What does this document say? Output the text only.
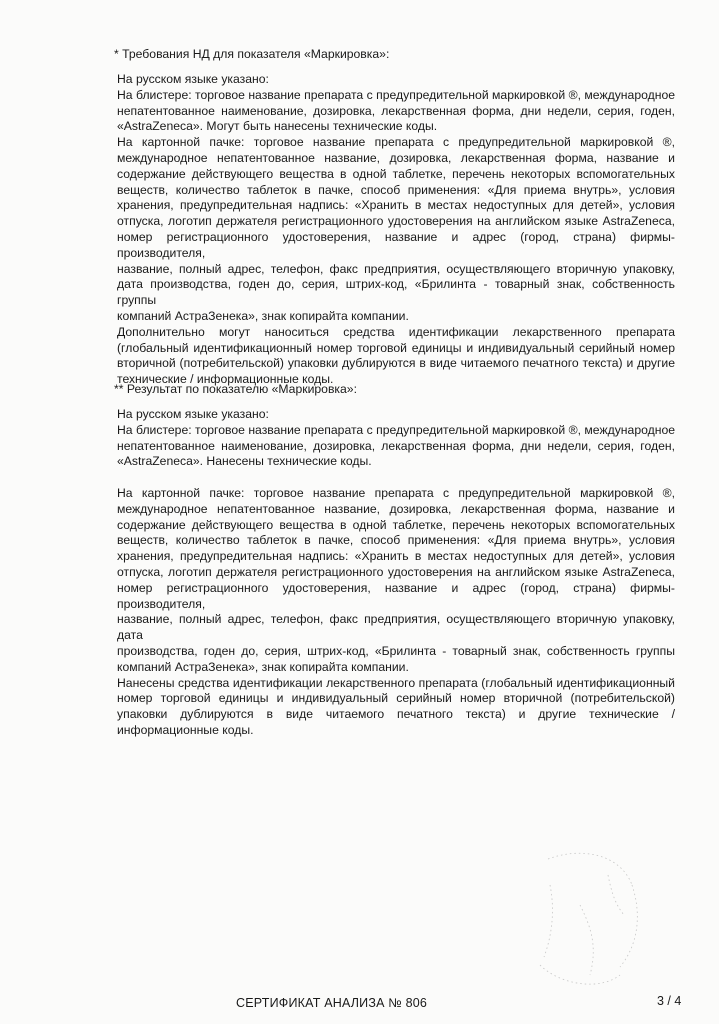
* Требования НД для показателя «Маркировка»:

На русском языке указано:

На блистере: торговое название препарата с предупредительной маркировкой ®, международное
непатентованное наименование, дозировка, лекарственная форма, дни недели, серия, годен,
«AstraZeneca». Могут быть нанесены технические коды.

На картонной пачке: торговое название препарата с предупредительной маркировкой ®,
международное непатентованное название, дозировка, лекарственная форма, название и
содержание действующего вещества в одной таблетке, перечень некоторых вспомогательных
веществ, количество таблеток в пачке, способ применения: «Для приема внутрь», условия
хранения, предупредительная надпись: «Хранить в местах недоступных для детей», условия
отпуска, логотип держателя регистрационного удостоверения на английском языке AstraZeneca,
номер регистрационного удостоверения, название и адрес (город, страна) фирмы-производителя,
название, полный адрес, телефон, факс предприятия, осуществляющего вторичную упаковку,
дата производства, годен до, серия, штрих-код, «Брилинта - товарный знак, собственность группы
компаний АстраЗенека», знак копирайта компании.

Дополнительно могут наноситься средства идентификации лекарственного препарата
(глобальный идентификационный номер торговой единицы и индивидуальный серийный номер
вторичной (потребительской) упаковки дублируются в виде читаемого печатного текста) и другие
технические / информационные коды.

** Результат по показателю «Маркировка»:

На русском языке указано:

На блистере: торговое название препарата с предупредительной маркировкой ®, международное
непатентованное наименование, дозировка, лекарственная форма, дни недели, серия, годен,
«AstraZeneca». Нанесены технические коды.

На картонной пачке: торговое название препарата с предупредительной маркировкой ®,
международное непатентованное название, дозировка, лекарственная форма, название и
содержание действующего вещества в одной таблетке, перечень некоторых вспомогательных
веществ, количество таблеток в пачке, способ применения: «Для приема внутрь», условия
хранения, предупредительная надпись: «Хранить в местах недоступных для детей», условия
отпуска, логотип держателя регистрационного удостоверения на английском языке AstraZeneca,
номер регистрационного удостоверения, название и адрес (город, страна) фирмы-производителя,
название, полный адрес, телефон, факс предприятия, осуществляющего вторичную упаковку, дата
производства, годен до, серия, штрих-код, «Брилинта - товарный знак, собственность группы
компаний АстраЗенека», знак копирайта компании.

Нанесены средства идентификации лекарственного препарата (глобальный идентификационный
номер торговой единицы и индивидуальный серийный номер вторичной (потребительской)
упаковки дублируются в виде читаемого печатного текста) и другие технические /
информационные коды.

СЕРТИФИКАТ АНАЛИЗА № 806	3 / 4
